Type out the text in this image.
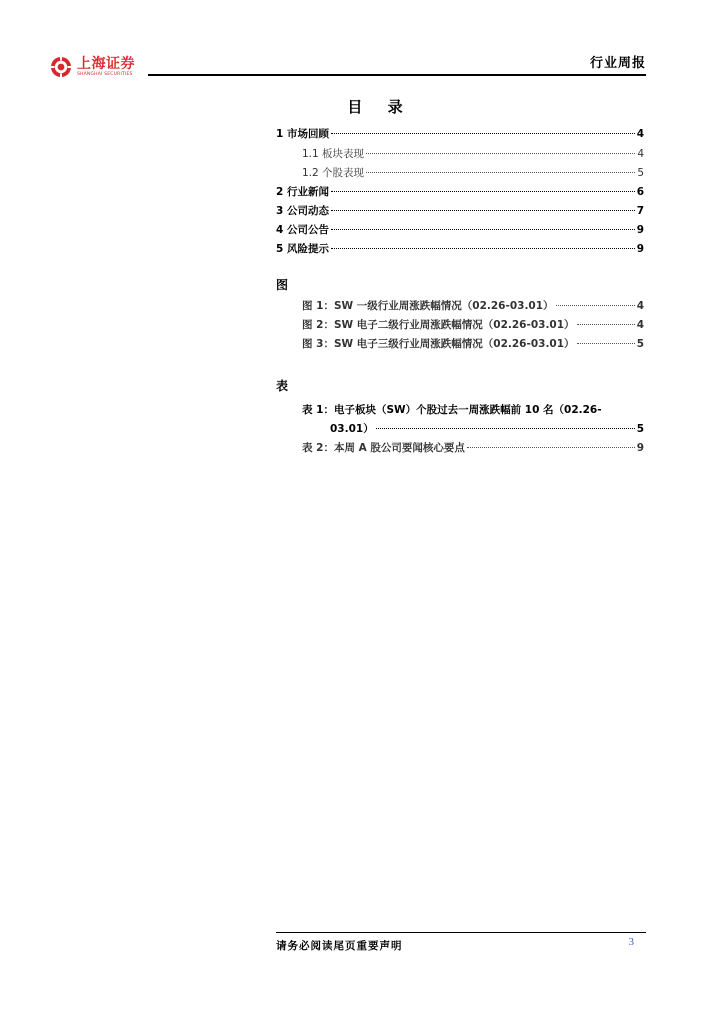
上海证券
SHANGHAI SECURITIES
行业周报
目 录
1 市场回顾	4
1.1 板块表现	4
1.2 个股表现	5
2 行业新闻	6
3 公司动态	7
4 公司公告	9
5 风险提示	9
图
图 1：SW 一级行业周涨跌幅情况（02.26-03.01）	4
图 2：SW 电子二级行业周涨跌幅情况（02.26-03.01）	4
图 3：SW 电子三级行业周涨跌幅情况（02.26-03.01）	5
表
表 1：电子板块（SW）个股过去一周涨跌幅前 10 名（02.26-
03.01）	5
表 2：本周 A 股公司要闻核心要点	9
请务必阅读尾页重要声明	3
